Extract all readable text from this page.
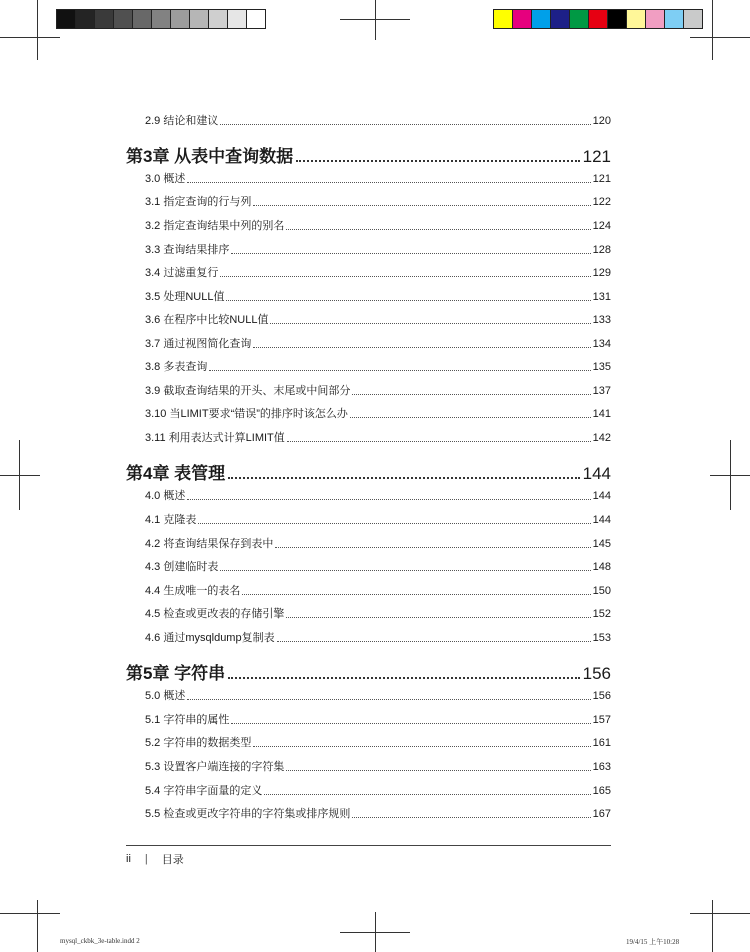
2.9 结论和建议	120
第3章 从表中查询数据	121
3.0 概述	121
3.1 指定查询的行与列	122
3.2 指定查询结果中列的别名	124
3.3 查询结果排序	128
3.4 过滤重复行	129
3.5 处理NULL值	131
3.6 在程序中比较NULL值	133
3.7 通过视图简化查询	134
3.8 多表查询	135
3.9 截取查询结果的开头、末尾或中间部分	137
3.10 当LIMIT要求“错误”的排序时该怎么办	141
3.11 利用表达式计算LIMIT值	142
第4章 表管理	144
4.0 概述	144
4.1 克隆表	144
4.2 将查询结果保存到表中	145
4.3 创建临时表	148
4.4 生成唯一的表名	150
4.5 检查或更改表的存储引擎	152
4.6 通过mysqldump复制表	153
第5章 字符串	156
5.0 概述	156
5.1 字符串的属性	157
5.2 字符串的数据类型	161
5.3 设置客户端连接的字符集	163
5.4 字符串字面量的定义	165
5.5 检查或更改字符串的字符集或排序规则	167
ii | 目录
mysql_ckbk_3e-table.indd 2	19/4/15 上午10:28
